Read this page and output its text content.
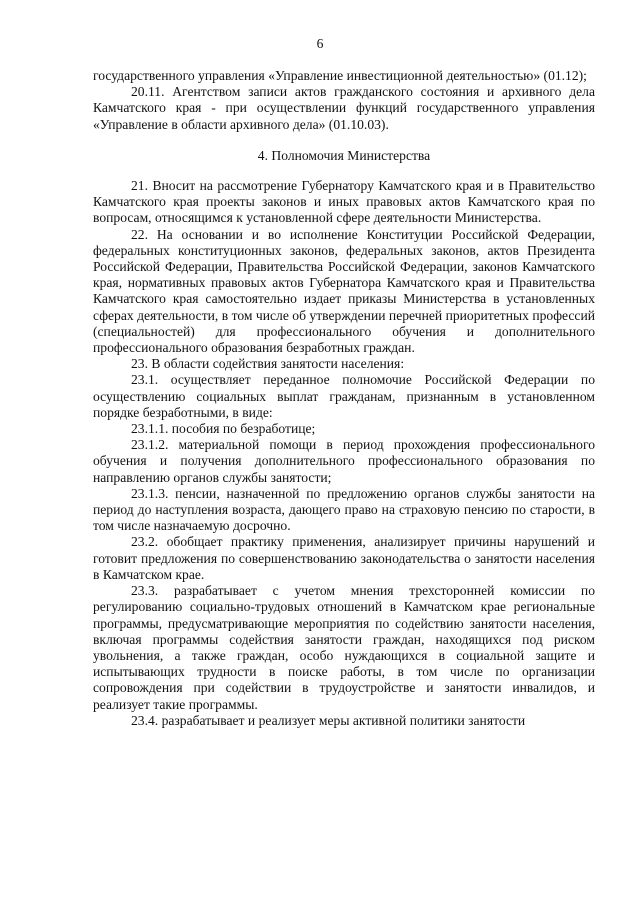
6

государственного управления «Управление инвестиционной деятельностью» (01.12);

20.11. Агентством записи актов гражданского состояния и архивного дела Камчатского края - при осуществлении функций государственного управления «Управление в области архивного дела» (01.10.03).

4. Полномочия Министерства

21. Вносит на рассмотрение Губернатору Камчатского края и в Правительство Камчатского края проекты законов и иных правовых актов Камчатского края по вопросам, относящимся к установленной сфере деятельности Министерства.

22. На основании и во исполнение Конституции Российской Федерации, федеральных конституционных законов, федеральных законов, актов Президента Российской Федерации, Правительства Российской Федерации, законов Камчатского края, нормативных правовых актов Губернатора Камчатского края и Правительства Камчатского края самостоятельно издает приказы Министерства в установленных сферах деятельности, в том числе об утверждении перечней приоритетных профессий (специальностей) для профессионального обучения и дополнительного профессионального образования безработных граждан.

23. В области содействия занятости населения:

23.1. осуществляет переданное полномочие Российской Федерации по осуществлению социальных выплат гражданам, признанным в установленном порядке безработными, в виде:

23.1.1. пособия по безработице;

23.1.2. материальной помощи в период прохождения профессионального обучения и получения дополнительного профессионального образования по направлению органов службы занятости;

23.1.3. пенсии, назначенной по предложению органов службы занятости на период до наступления возраста, дающего право на страховую пенсию по старости, в том числе назначаемую досрочно.

23.2. обобщает практику применения, анализирует причины нарушений и готовит предложения по совершенствованию законодательства о занятости населения в Камчатском крае.

23.3. разрабатывает с учетом мнения трехсторонней комиссии по регулированию социально-трудовых отношений в Камчатском крае региональные программы, предусматривающие мероприятия по содействию занятости населения, включая программы содействия занятости граждан, находящихся под риском увольнения, а также граждан, особо нуждающихся в социальной защите и испытывающих трудности в поиске работы, в том числе по организации сопровождения при содействии в трудоустройстве и занятости инвалидов, и реализует такие программы.

23.4. разрабатывает и реализует меры активной политики занятости
